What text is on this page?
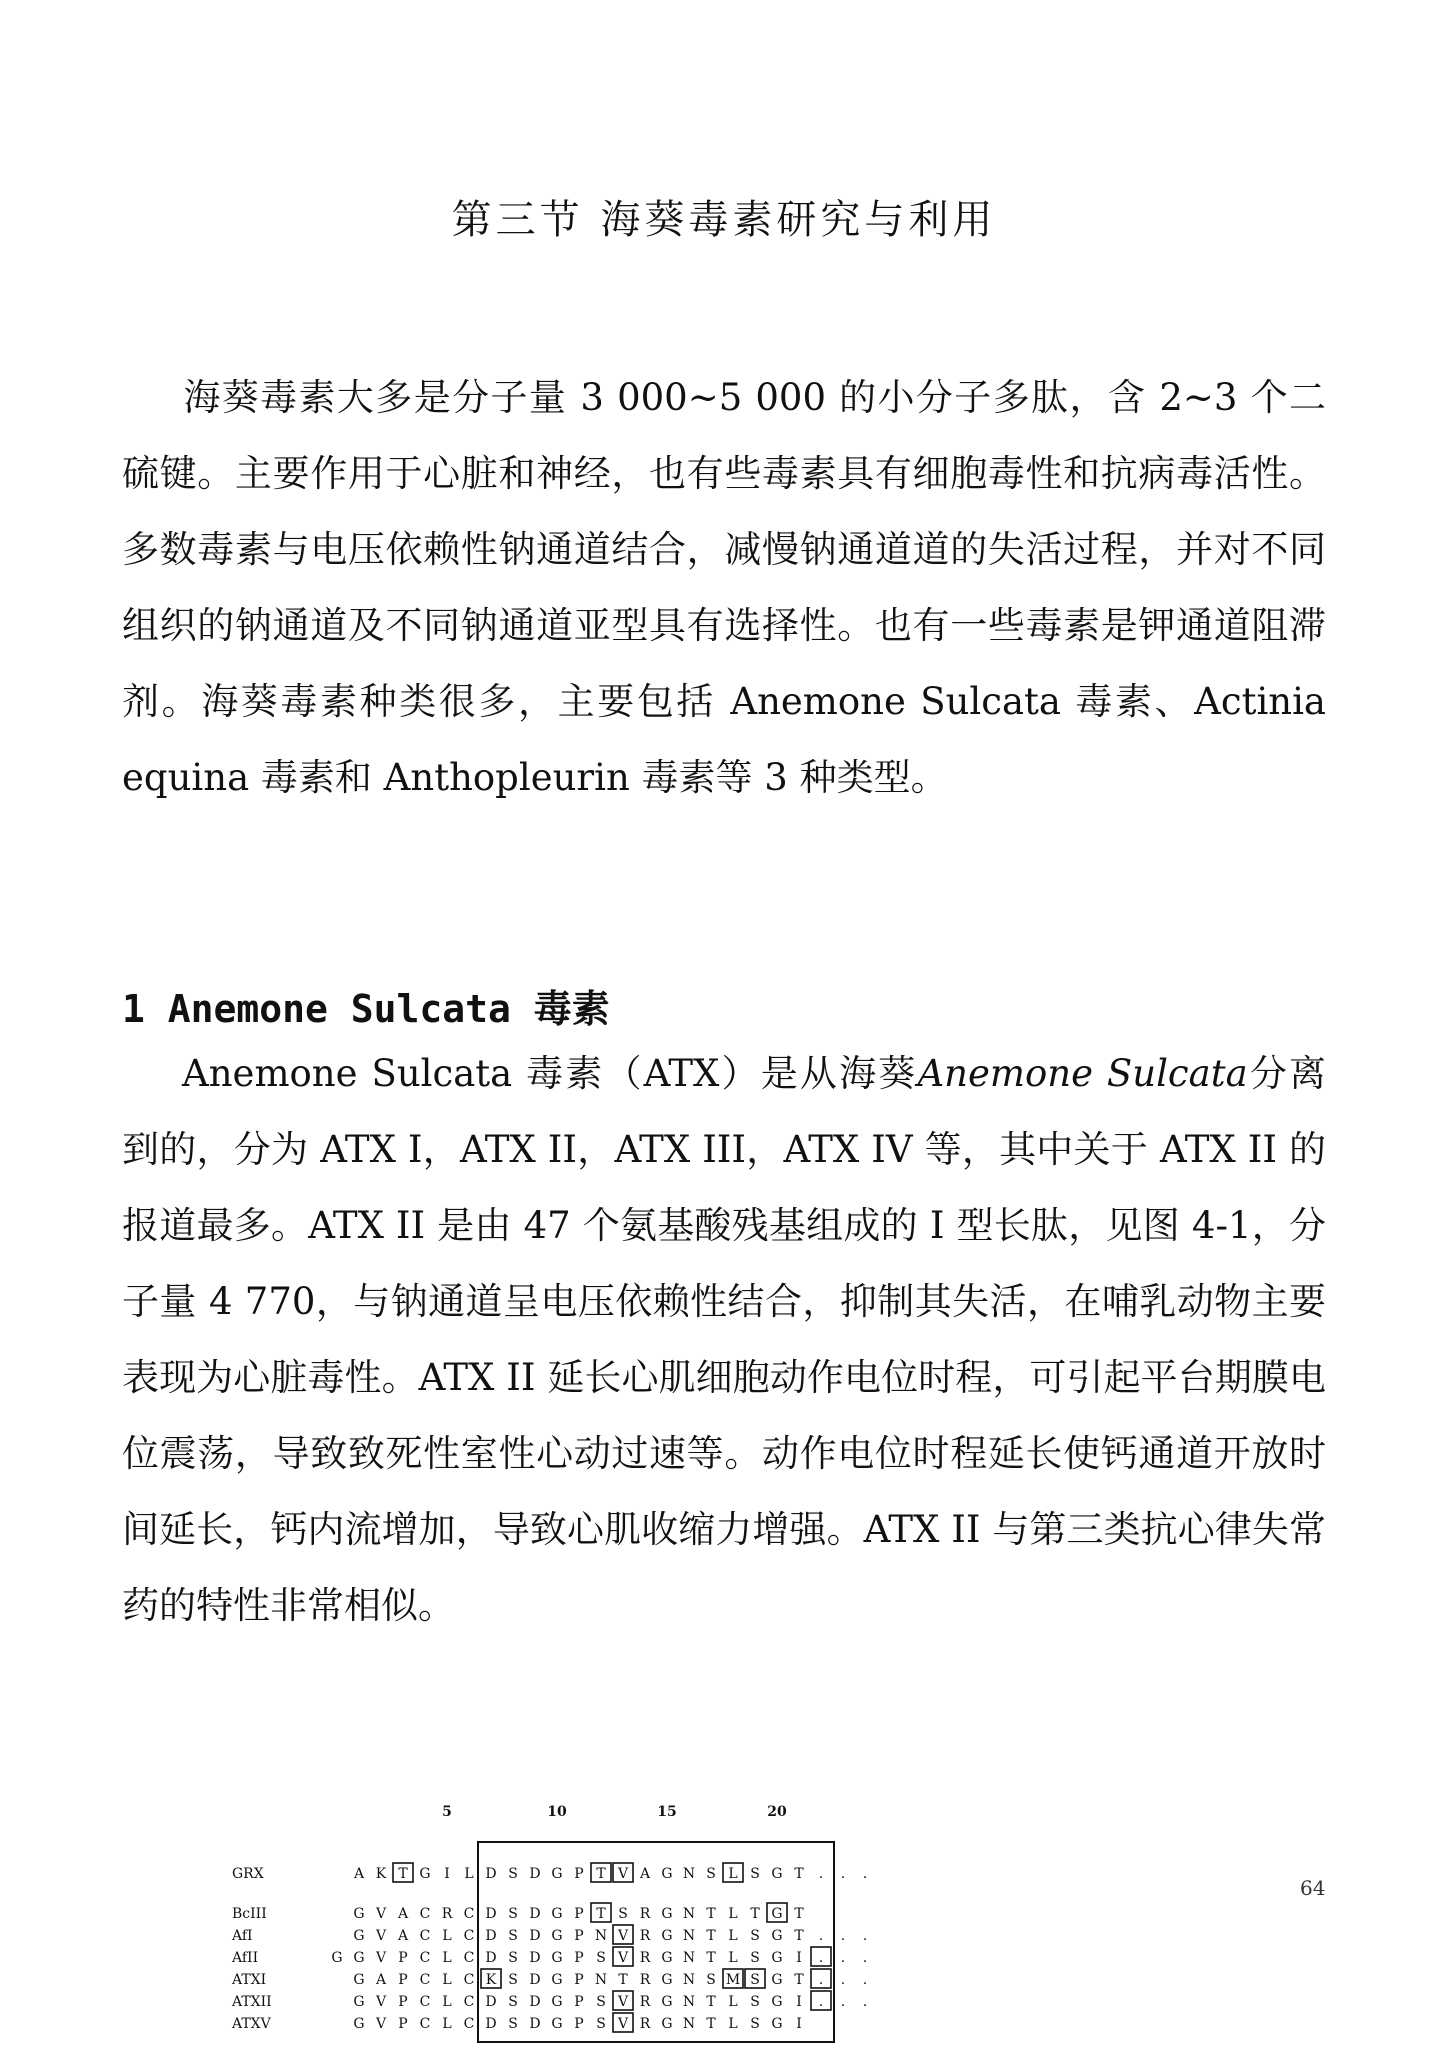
第三节 海葵毒素研究与利用
海葵毒素大多是分子量 3 000~5 000 的小分子多肽，含 2~3 个二硫键。主要作用于心脏和神经，也有些毒素具有细胞毒性和抗病毒活性。多数毒素与电压依赖性钠通道结合，减慢钠通道道的失活过程，并对不同组织的钠通道及不同钠通道亚型具有选择性。也有一些毒素是钾通道阻滞剂。海葵毒素种类很多，主要包括 Anemone Sulcata 毒素、Actinia equina 毒素和 Anthopleurin 毒素等 3 种类型。
1 Anemone Sulcata 毒素
Anemone Sulcata 毒素（ATX）是从海葵Anemone Sulcata分离到的，分为 ATX I，ATX II，ATX III，ATX IV 等，其中关于 ATX II 的报道最多。ATX II 是由 47 个氨基酸残基组成的 I 型长肽，见图 4-1，分子量 4 770，与钠通道呈电压依赖性结合，抑制其失活，在哺乳动物主要表现为心脏毒性。ATX II 延长心肌细胞动作电位时程，可引起平台期膜电位震荡，导致致死性室性心动过速等。动作电位时程延长使钙通道开放时间延长，钙内流增加，导致心肌收缩力增强。ATX II 与第三类抗心律失常药的特性非常相似。
5	10	15	20
GRX	A K T G I L D S D G P T V A G N S L S G T . . .
BcIII	G V A C R C D S D G P T S R G N T L T G T
AfI	G V A C L C D S D G P N V R G N T L S G T . . .
AfII	G G V P C L C D S D G P S V R G N T L S G I . . .
ATXI	G A P C L C K S D G P N T R G N S M S G T . . .
ATXII	G V P C L C D S D G P S V R G N T L S G I . . .
ATXV	G V P C L C D S D G P S V R G N T L S G I
64
